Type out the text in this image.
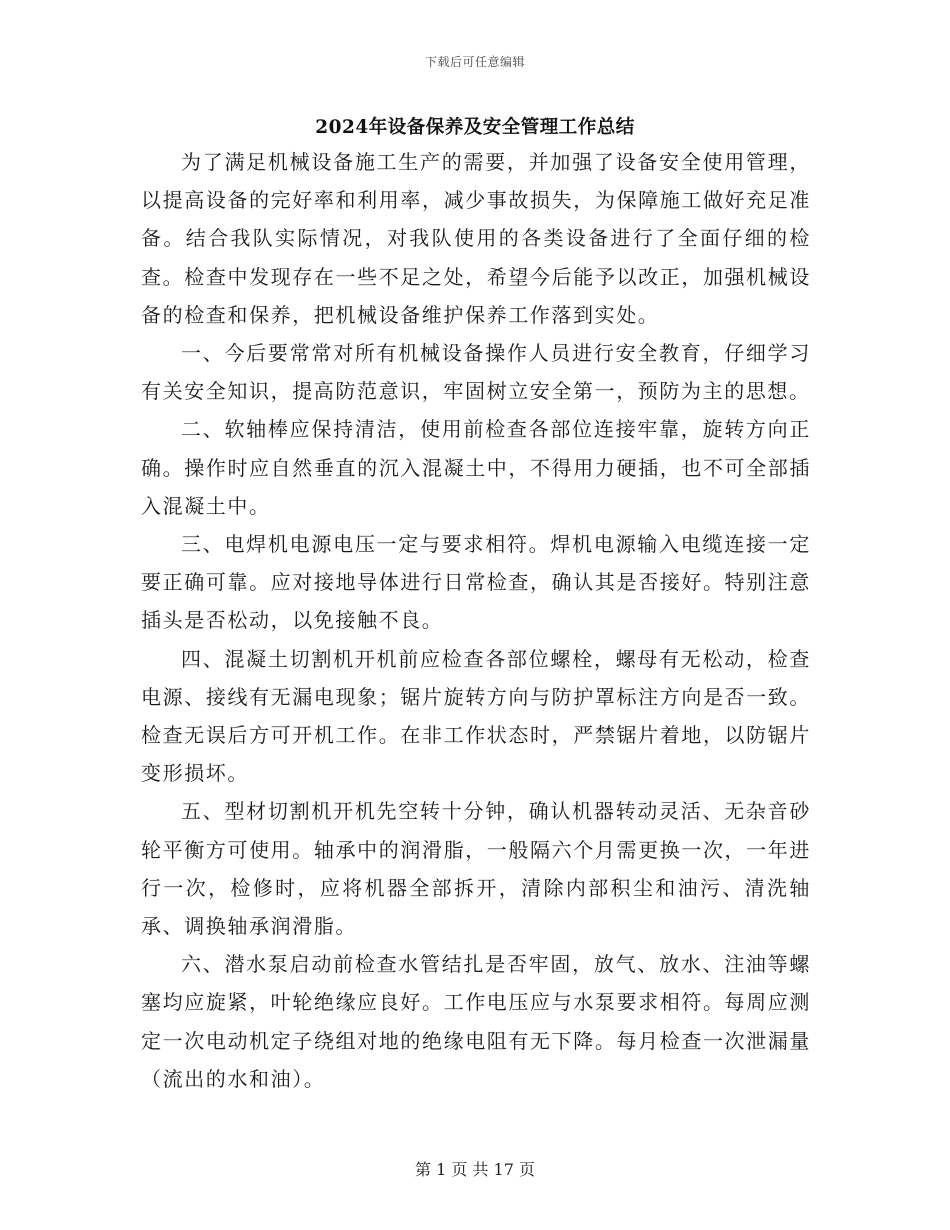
下载后可任意编辑
2024年设备保养及安全管理工作总结

为了满足机械设备施工生产的需要，并加强了设备安全使用管理，以提高设备的完好率和利用率，减少事故损失，为保障施工做好充足准备。结合我队实际情况，对我队使用的各类设备进行了全面仔细的检查。检查中发现存在一些不足之处，希望今后能予以改正，加强机械设备的检查和保养，把机械设备维护保养工作落到实处。

一、今后要常常对所有机械设备操作人员进行安全教育，仔细学习有关安全知识，提高防范意识，牢固树立安全第一，预防为主的思想。

二、软轴棒应保持清洁，使用前检查各部位连接牢靠，旋转方向正确。操作时应自然垂直的沉入混凝土中，不得用力硬插，也不可全部插入混凝土中。

三、电焊机电源电压一定与要求相符。焊机电源输入电缆连接一定要正确可靠。应对接地导体进行日常检查，确认其是否接好。特别注意插头是否松动，以免接触不良。

四、混凝土切割机开机前应检查各部位螺栓，螺母有无松动，检查电源、接线有无漏电现象；锯片旋转方向与防护罩标注方向是否一致。检查无误后方可开机工作。在非工作状态时，严禁锯片着地，以防锯片变形损坏。

五、型材切割机开机先空转十分钟，确认机器转动灵活、无杂音砂轮平衡方可使用。轴承中的润滑脂，一般隔六个月需更换一次，一年进行一次，检修时，应将机器全部拆开，清除内部积尘和油污、清洗轴承、调换轴承润滑脂。

六、潜水泵启动前检查水管结扎是否牢固，放气、放水、注油等螺塞均应旋紧，叶轮绝缘应良好。工作电压应与水泵要求相符。每周应测定一次电动机定子绕组对地的绝缘电阻有无下降。每月检查一次泄漏量（流出的水和油）。

第 1 页 共 17 页
